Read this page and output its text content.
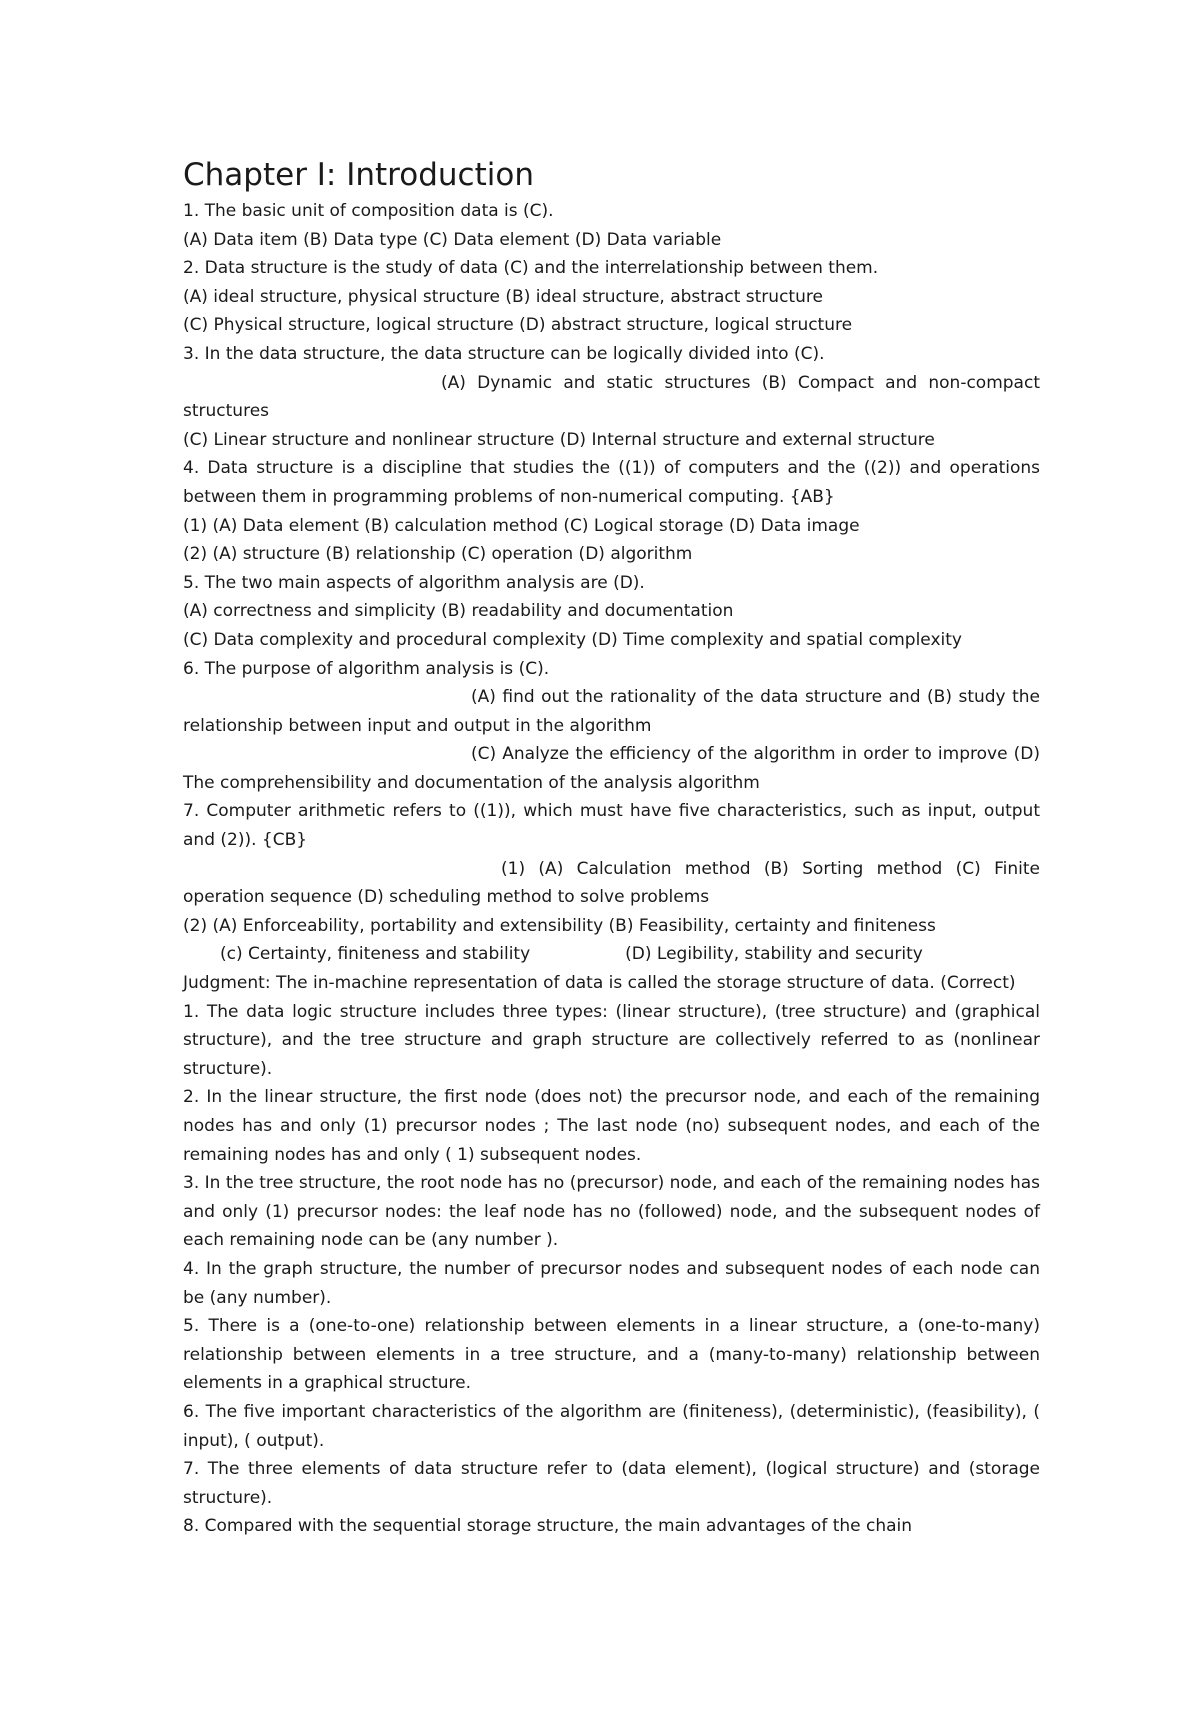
Chapter I: Introduction
1. The basic unit of composition data is (C).
(A) Data item (B) Data type (C) Data element (D) Data variable
2. Data structure is the study of data (C) and the interrelationship between them.
(A) ideal structure, physical structure (B) ideal structure, abstract structure
(C) Physical structure, logical structure (D) abstract structure, logical structure
3. In the data structure, the data structure can be logically divided into (C).
(A) Dynamic and static structures (B) Compact and non-compact structures
(C) Linear structure and nonlinear structure (D) Internal structure and external structure
4. Data structure is a discipline that studies the ((1)) of computers and the ((2)) and operations between them in programming problems of non-numerical computing. {AB}
(1) (A) Data element (B) calculation method (C) Logical storage (D) Data image
(2) (A) structure (B) relationship (C) operation (D) algorithm
5. The two main aspects of algorithm analysis are (D).
(A) correctness and simplicity (B) readability and documentation
(C) Data complexity and procedural complexity (D) Time complexity and spatial complexity
6. The purpose of algorithm analysis is (C).
(A) find out the rationality of the data structure and (B) study the relationship between input and output in the algorithm
(C) Analyze the efficiency of the algorithm in order to improve (D) The comprehensibility and documentation of the analysis algorithm
7. Computer arithmetic refers to ((1)), which must have five characteristics, such as input, output and (2)). {CB}
(1) (A) Calculation method (B) Sorting method (C) Finite operation sequence (D) scheduling method to solve problems
(2) (A) Enforceability, portability and extensibility (B) Feasibility, certainty and finiteness
(c) Certainty, finiteness and stability	(D) Legibility, stability and security
Judgment: The in-machine representation of data is called the storage structure of data. (Correct)
1. The data logic structure includes three types: (linear structure), (tree structure) and (graphical structure), and the tree structure and graph structure are collectively referred to as (nonlinear structure).
2. In the linear structure, the first node (does not) the precursor node, and each of the remaining nodes has and only (1) precursor nodes ; The last node (no) subsequent nodes, and each of the remaining nodes has and only ( 1) subsequent nodes.
3. In the tree structure, the root node has no (precursor) node, and each of the remaining nodes has and only (1) precursor nodes: the leaf node has no (followed) node, and the subsequent nodes of each remaining node can be (any number ).
4. In the graph structure, the number of precursor nodes and subsequent nodes of each node can be (any number).
5. There is a (one-to-one) relationship between elements in a linear structure, a (one-to-many) relationship between elements in a tree structure, and a (many-to-many) relationship between elements in a graphical structure.
6. The five important characteristics of the algorithm are (finiteness), (deterministic), (feasibility), ( input), ( output).
7. The three elements of data structure refer to (data element), (logical structure) and (storage structure).
8. Compared with the sequential storage structure, the main advantages of the chain
